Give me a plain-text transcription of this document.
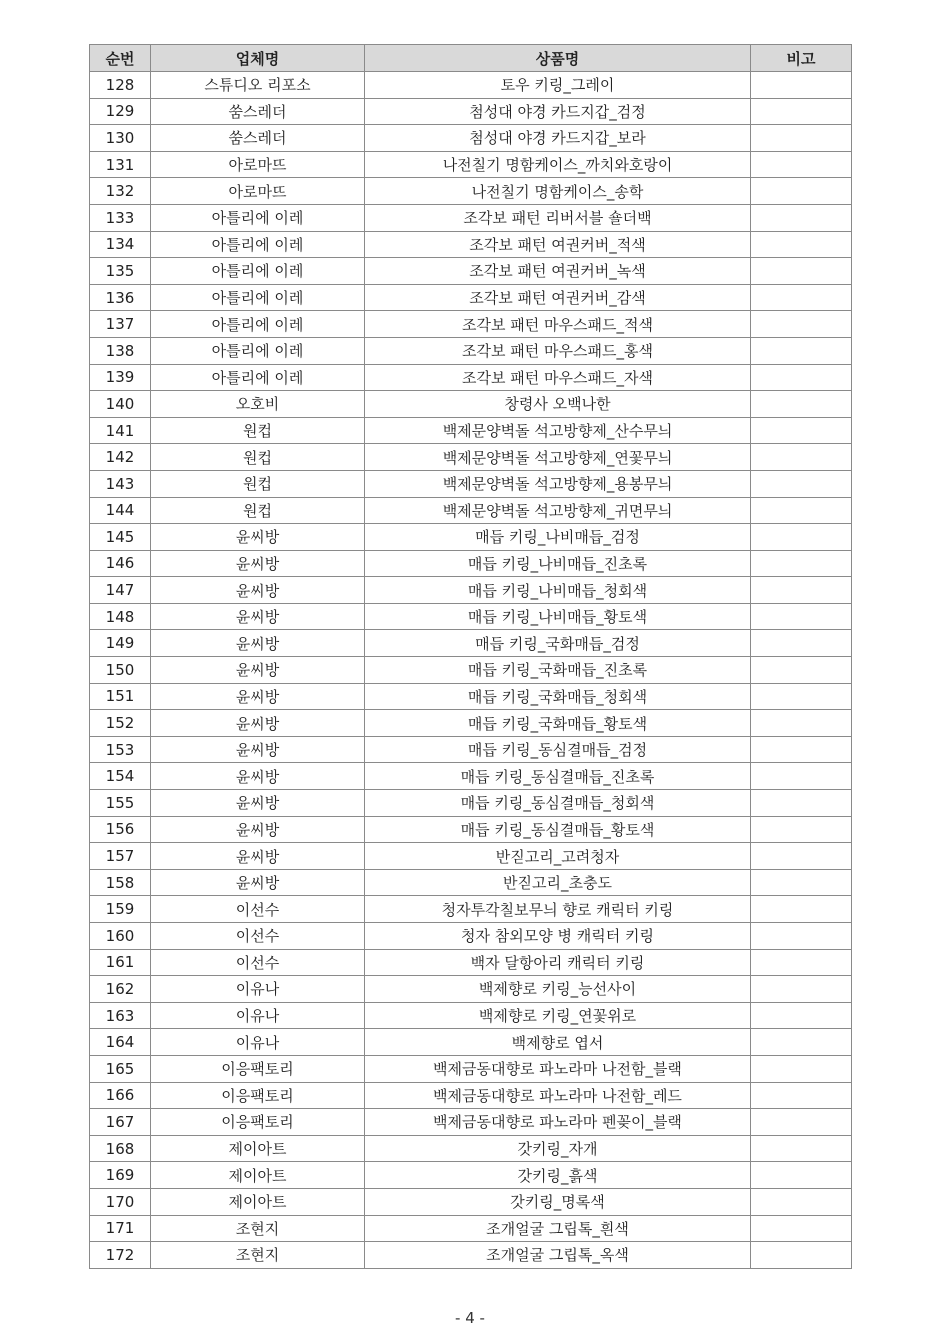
순번	업체명	상품명	비고
128	스튜디오 리포소	토우 키링_그레이	
129	쑴스레더	첨성대 야경 카드지갑_검정	
130	쑴스레더	첨성대 야경 카드지갑_보라	
131	아로마뜨	나전칠기 명함케이스_까치와호랑이	
132	아로마뜨	나전칠기 명함케이스_송학	
133	아틀리에 이레	조각보 패턴 리버서블 숄더백	
134	아틀리에 이레	조각보 패턴 여권커버_적색	
135	아틀리에 이레	조각보 패턴 여권커버_녹색	
136	아틀리에 이레	조각보 패턴 여권커버_감색	
137	아틀리에 이레	조각보 패턴 마우스패드_적색	
138	아틀리에 이레	조각보 패턴 마우스패드_홍색	
139	아틀리에 이레	조각보 패턴 마우스패드_자색	
140	오호비	창령사 오백나한	
141	원컵	백제문양벽돌 석고방향제_산수무늬	
142	원컵	백제문양벽돌 석고방향제_연꽃무늬	
143	원컵	백제문양벽돌 석고방향제_용봉무늬	
144	원컵	백제문양벽돌 석고방향제_귀면무늬	
145	윤씨방	매듭 키링_나비매듭_검정	
146	윤씨방	매듭 키링_나비매듭_진초록	
147	윤씨방	매듭 키링_나비매듭_청회색	
148	윤씨방	매듭 키링_나비매듭_황토색	
149	윤씨방	매듭 키링_국화매듭_검정	
150	윤씨방	매듭 키링_국화매듭_진초록	
151	윤씨방	매듭 키링_국화매듭_청회색	
152	윤씨방	매듭 키링_국화매듭_황토색	
153	윤씨방	매듭 키링_동심결매듭_검정	
154	윤씨방	매듭 키링_동심결매듭_진초록	
155	윤씨방	매듭 키링_동심결매듭_청회색	
156	윤씨방	매듭 키링_동심결매듭_황토색	
157	윤씨방	반짇고리_고려청자	
158	윤씨방	반짇고리_초충도	
159	이선수	청자투각칠보무늬 향로 캐릭터 키링	
160	이선수	청자 참외모양 병 캐릭터 키링	
161	이선수	백자 달항아리 캐릭터 키링	
162	이유나	백제향로 키링_능선사이	
163	이유나	백제향로 키링_연꽃위로	
164	이유나	백제향로 엽서	
165	이응팩토리	백제금동대향로 파노라마 나전함_블랙	
166	이응팩토리	백제금동대향로 파노라마 나전함_레드	
167	이응팩토리	백제금동대향로 파노라마 펜꽂이_블랙	
168	제이아트	갓키링_자개	
169	제이아트	갓키링_흙색	
170	제이아트	갓키링_명록색	
171	조현지	조개얼굴 그립톡_흰색	
172	조현지	조개얼굴 그립톡_옥색	
- 4 -
